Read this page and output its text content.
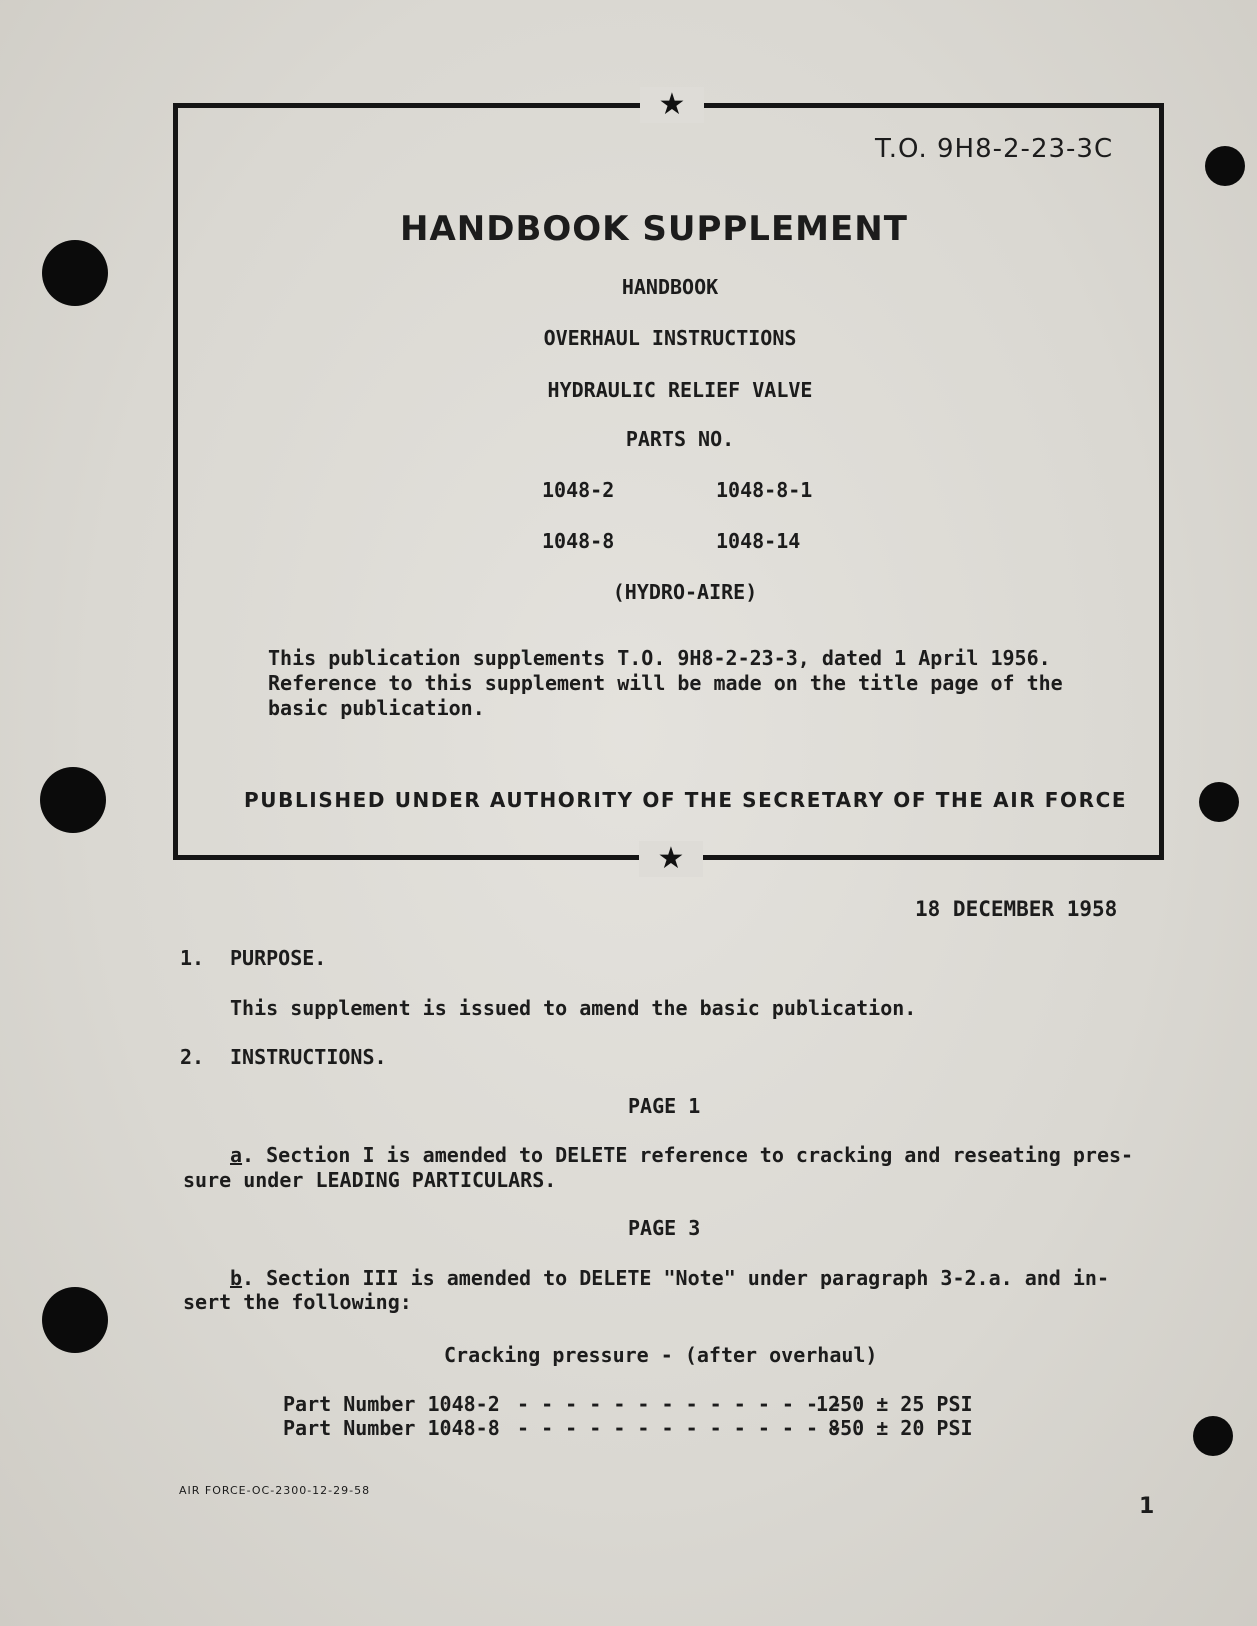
★
★
T.O. 9H8-2-23-3C
HANDBOOK SUPPLEMENT
HANDBOOK
OVERHAUL INSTRUCTIONS
HYDRAULIC RELIEF VALVE
PARTS NO.
1048-2	1048-8-1
1048-8	1048-14
(HYDRO-AIRE)
This publication supplements T.O. 9H8-2-23-3, dated 1 April 1956.
Reference to this supplement will be made on the title page of the
basic publication.
PUBLISHED UNDER AUTHORITY OF THE SECRETARY OF THE AIR FORCE
18 DECEMBER 1958
1. PURPOSE.
This supplement is issued to amend the basic publication.
2. INSTRUCTIONS.
PAGE 1
a. Section I is amended to DELETE reference to cracking and reseating pres-
sure under LEADING PARTICULARS.
PAGE 3
b. Section III is amended to DELETE "Note" under paragraph 3-2.a. and in-
sert the following:
Cracking pressure - (after overhaul)
Part Number 1048-2 - - - - - - - - - - - - - -
1250 ± 25 PSI
Part Number 1048-8 - - - - - - - - - - - - - -
850 ± 20 PSI
AIR FORCE-OC-2300-12-29-58
1
